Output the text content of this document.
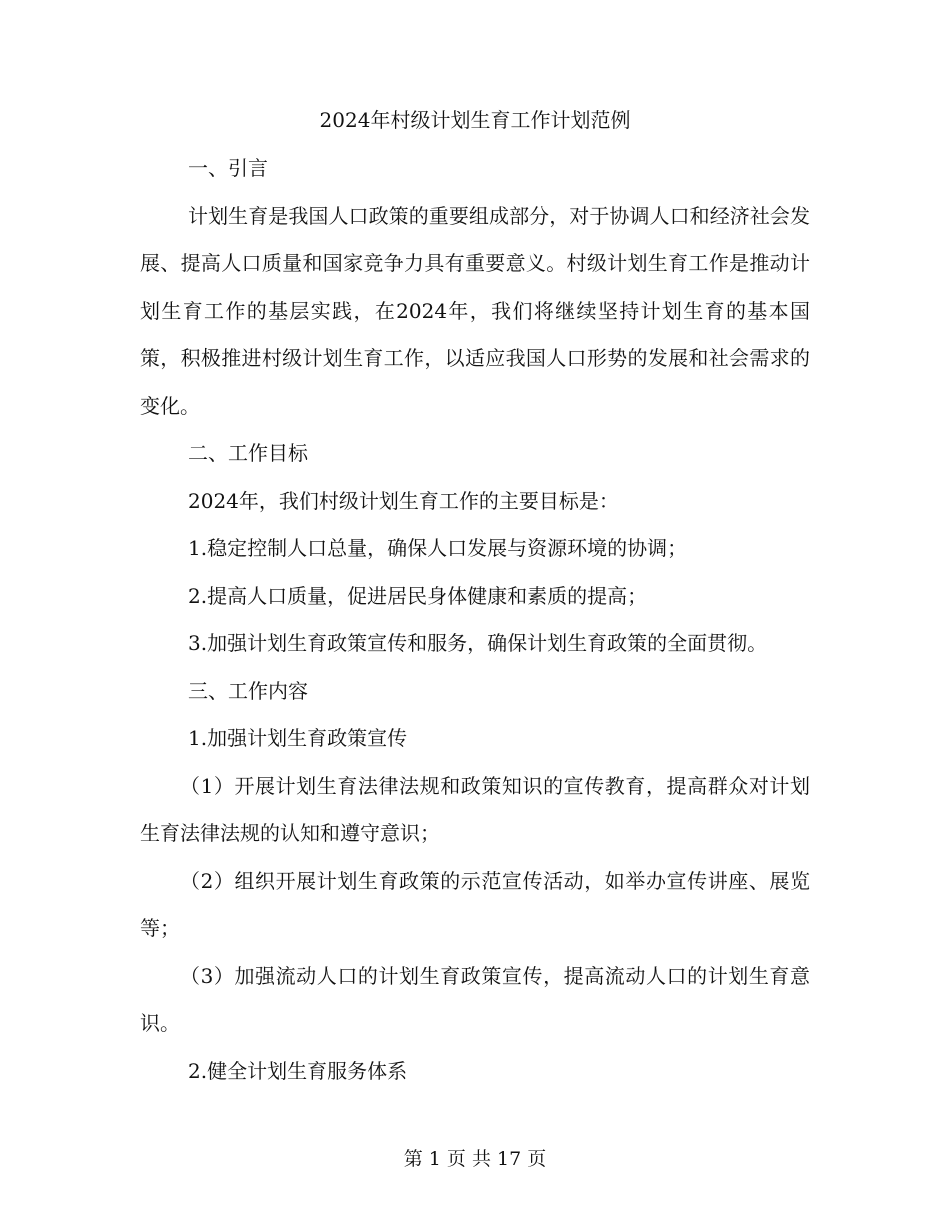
2024年村级计划生育工作计划范例

一、引言

计划生育是我国人口政策的重要组成部分，对于协调人口和经济社会发展、提高人口质量和国家竞争力具有重要意义。村级计划生育工作是推动计划生育工作的基层实践，在2024年，我们将继续坚持计划生育的基本国策，积极推进村级计划生育工作，以适应我国人口形势的发展和社会需求的变化。

二、工作目标

2024年，我们村级计划生育工作的主要目标是：

1.稳定控制人口总量，确保人口发展与资源环境的协调；

2.提高人口质量，促进居民身体健康和素质的提高；

3.加强计划生育政策宣传和服务，确保计划生育政策的全面贯彻。

三、工作内容

1.加强计划生育政策宣传

（1）开展计划生育法律法规和政策知识的宣传教育，提高群众对计划生育法律法规的认知和遵守意识；

（2）组织开展计划生育政策的示范宣传活动，如举办宣传讲座、展览等；

（3）加强流动人口的计划生育政策宣传，提高流动人口的计划生育意识。

2.健全计划生育服务体系

第 1 页 共 17 页
